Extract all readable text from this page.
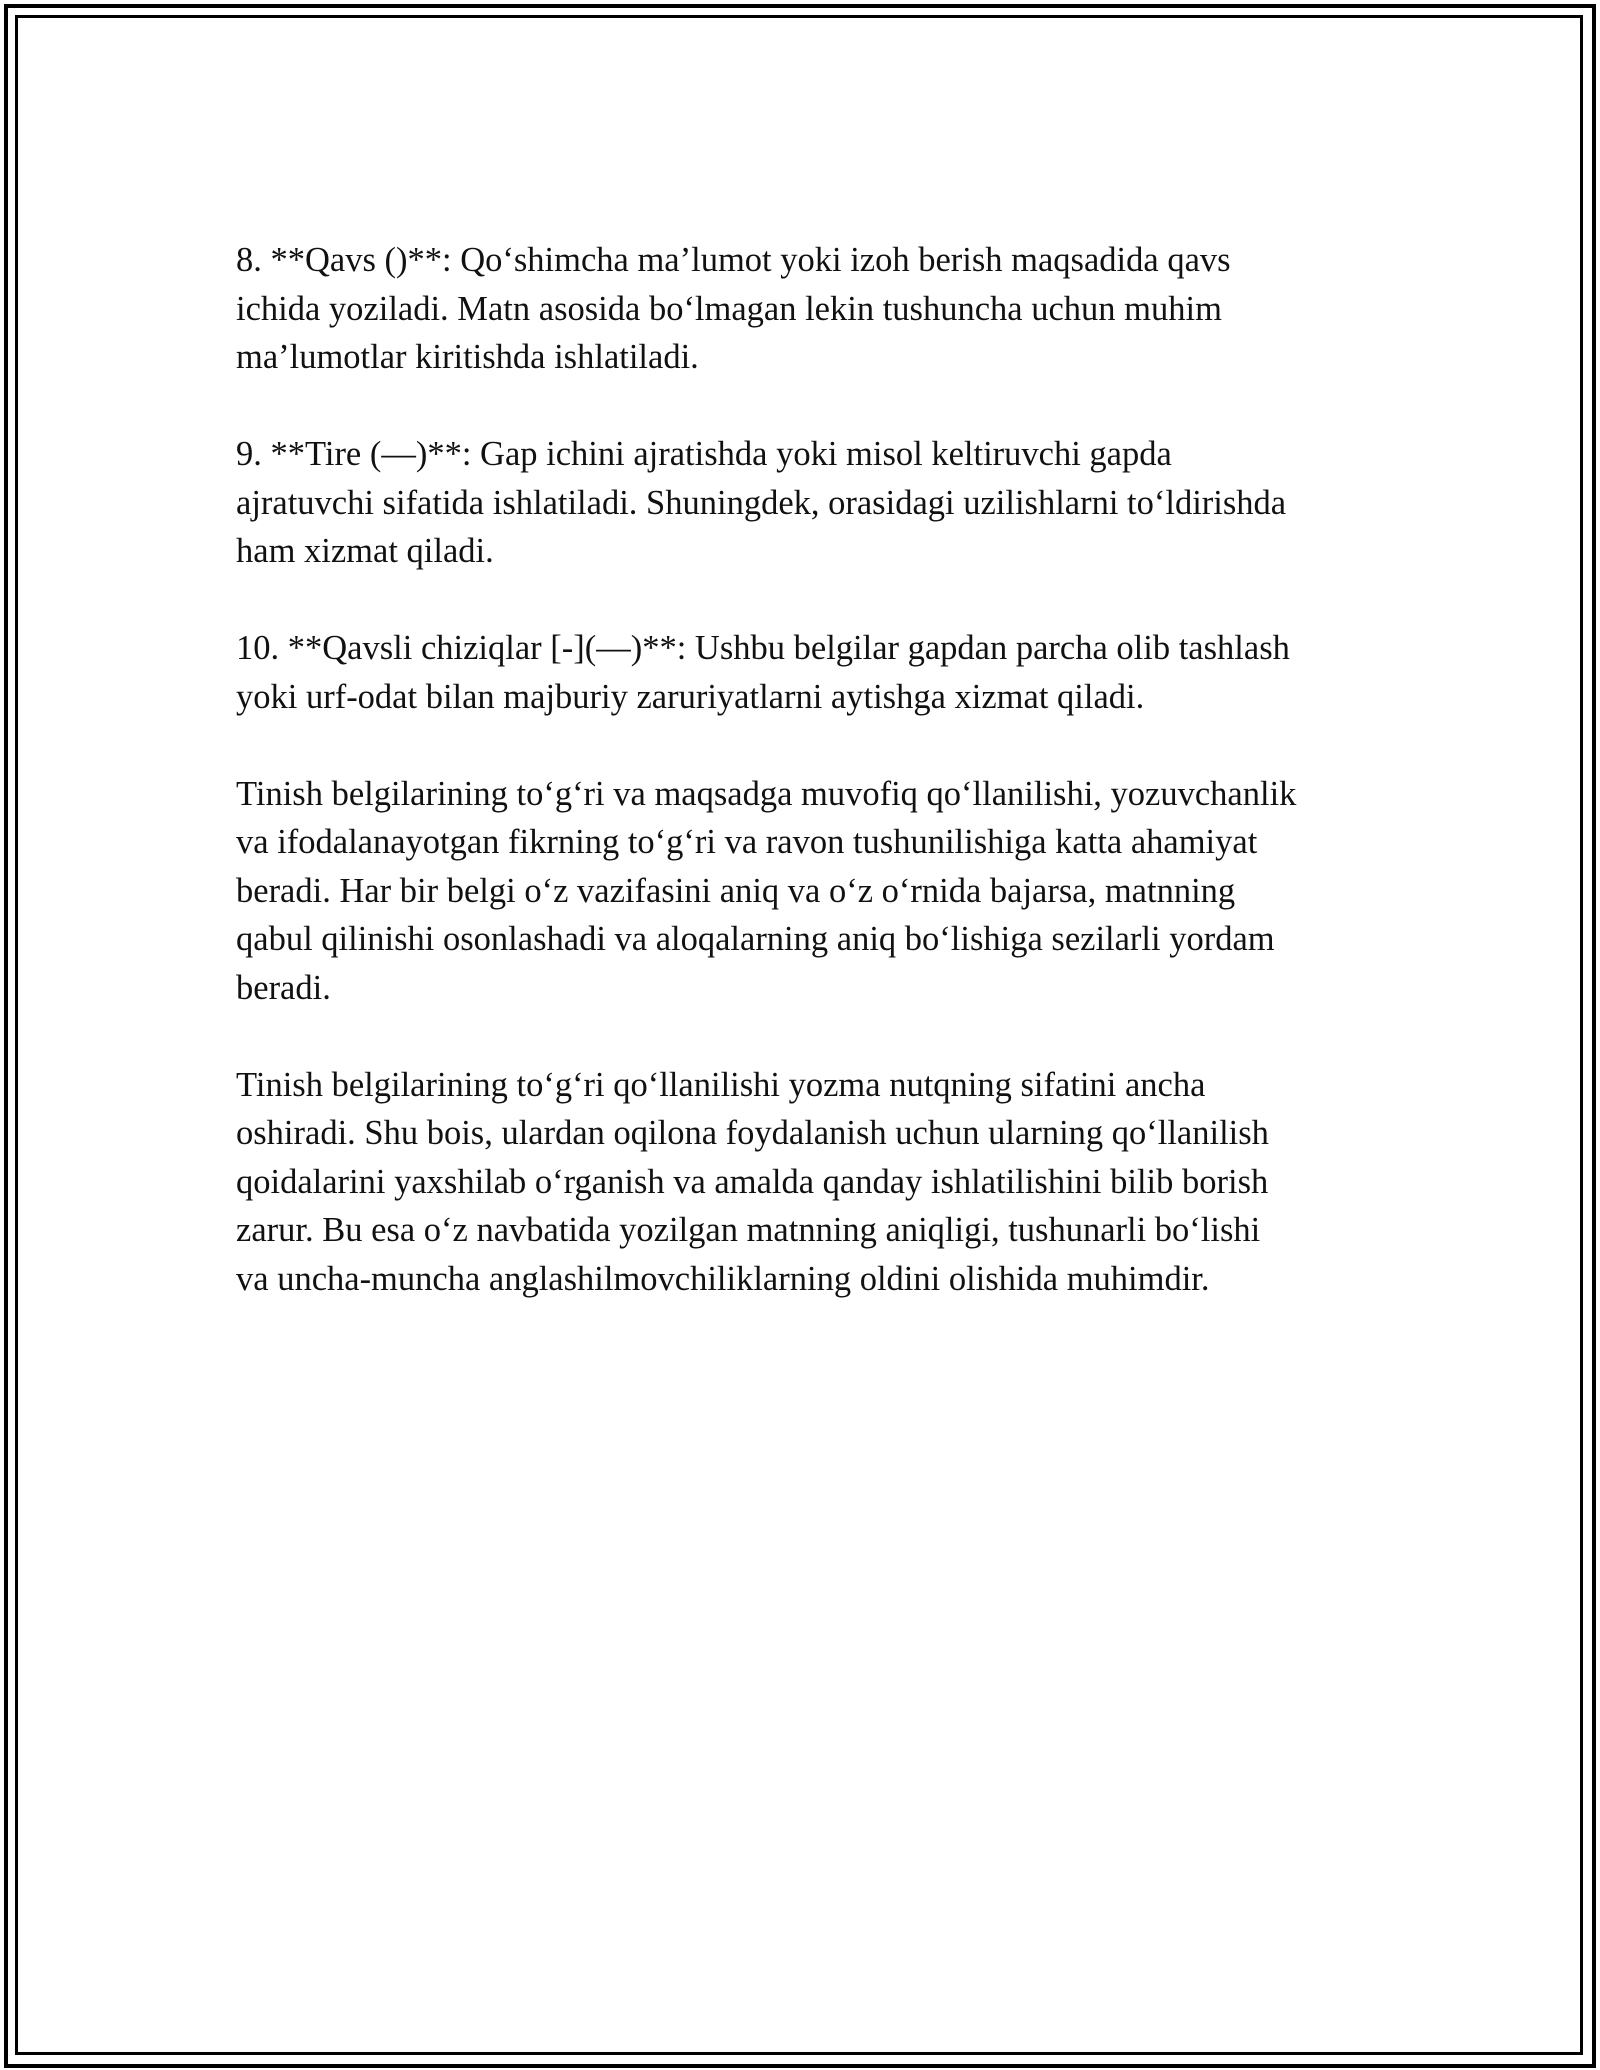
8. **Qavs ()**: Qo‘shimcha ma’lumot yoki izoh berish maqsadida qavs
ichida yoziladi. Matn asosida bo‘lmagan lekin tushuncha uchun muhim
ma’lumotlar kiritishda ishlatiladi.

9. **Tire (—)**: Gap ichini ajratishda yoki misol keltiruvchi gapda
ajratuvchi sifatida ishlatiladi. Shuningdek, orasidagi uzilishlarni to‘ldirishda
ham xizmat qiladi.

10. **Qavsli chiziqlar [-](—)**: Ushbu belgilar gapdan parcha olib tashlash
yoki urf-odat bilan majburiy zaruriyatlarni aytishga xizmat qiladi.

Tinish belgilarining to‘g‘ri va maqsadga muvofiq qo‘llanilishi, yozuvchanlik
va ifodalanayotgan fikrning to‘g‘ri va ravon tushunilishiga katta ahamiyat
beradi. Har bir belgi o‘z vazifasini aniq va o‘z o‘rnida bajarsa, matnning
qabul qilinishi osonlashadi va aloqalarning aniq bo‘lishiga sezilarli yordam
beradi.

Tinish belgilarining to‘g‘ri qo‘llanilishi yozma nutqning sifatini ancha
oshiradi. Shu bois, ulardan oqilona foydalanish uchun ularning qo‘llanilish
qoidalarini yaxshilab o‘rganish va amalda qanday ishlatilishini bilib borish
zarur. Bu esa o‘z navbatida yozilgan matnning aniqligi, tushunarli bo‘lishi
va uncha-muncha anglashilmovchiliklarning oldini olishida muhimdir.
